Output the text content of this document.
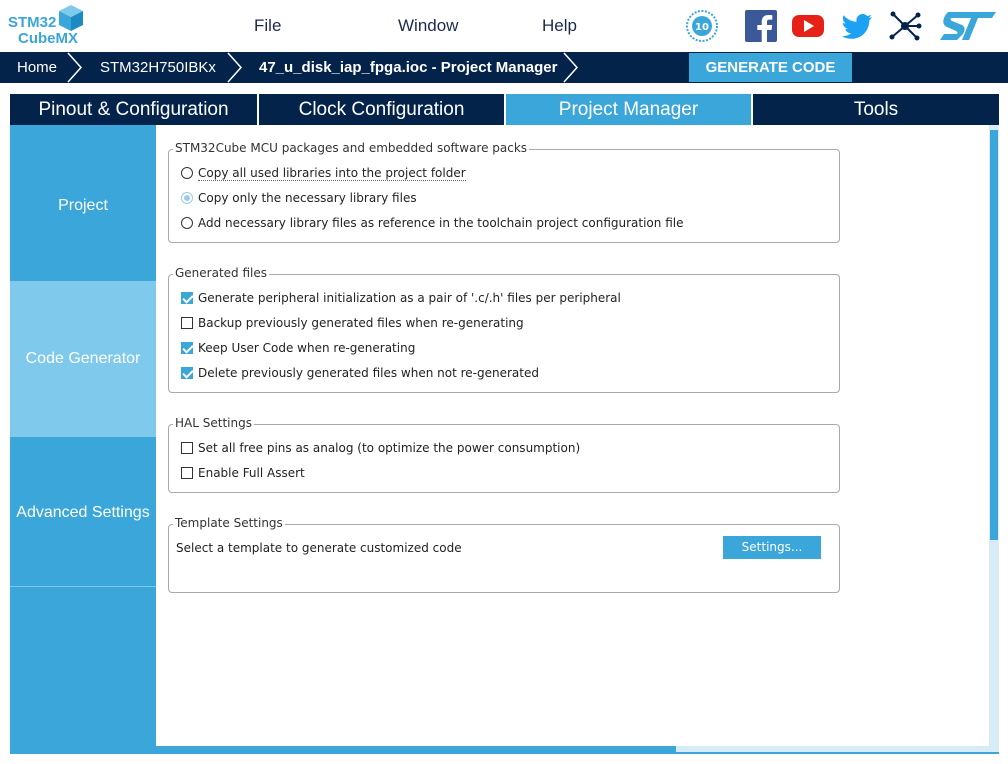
STM32
CubeMX
File	Window	Help	10
Home	STM32H750IBKx	47_u_disk_iap_fpga.ioc - Project Manager	GENERATE CODE
Pinout & Configuration	Clock Configuration	Project Manager	Tools
Project
Code Generator
Advanced Settings
STM32Cube MCU packages and embedded software packs
Copy all used libraries into the project folder
Copy only the necessary library files
Add necessary library files as reference in the toolchain project configuration file
Generated files
Generate peripheral initialization as a pair of '.c/.h' files per peripheral
Backup previously generated files when re-generating
Keep User Code when re-generating
Delete previously generated files when not re-generated
HAL Settings
Set all free pins as analog (to optimize the power consumption)
Enable Full Assert
Template Settings
Select a template to generate customized code	Settings...
